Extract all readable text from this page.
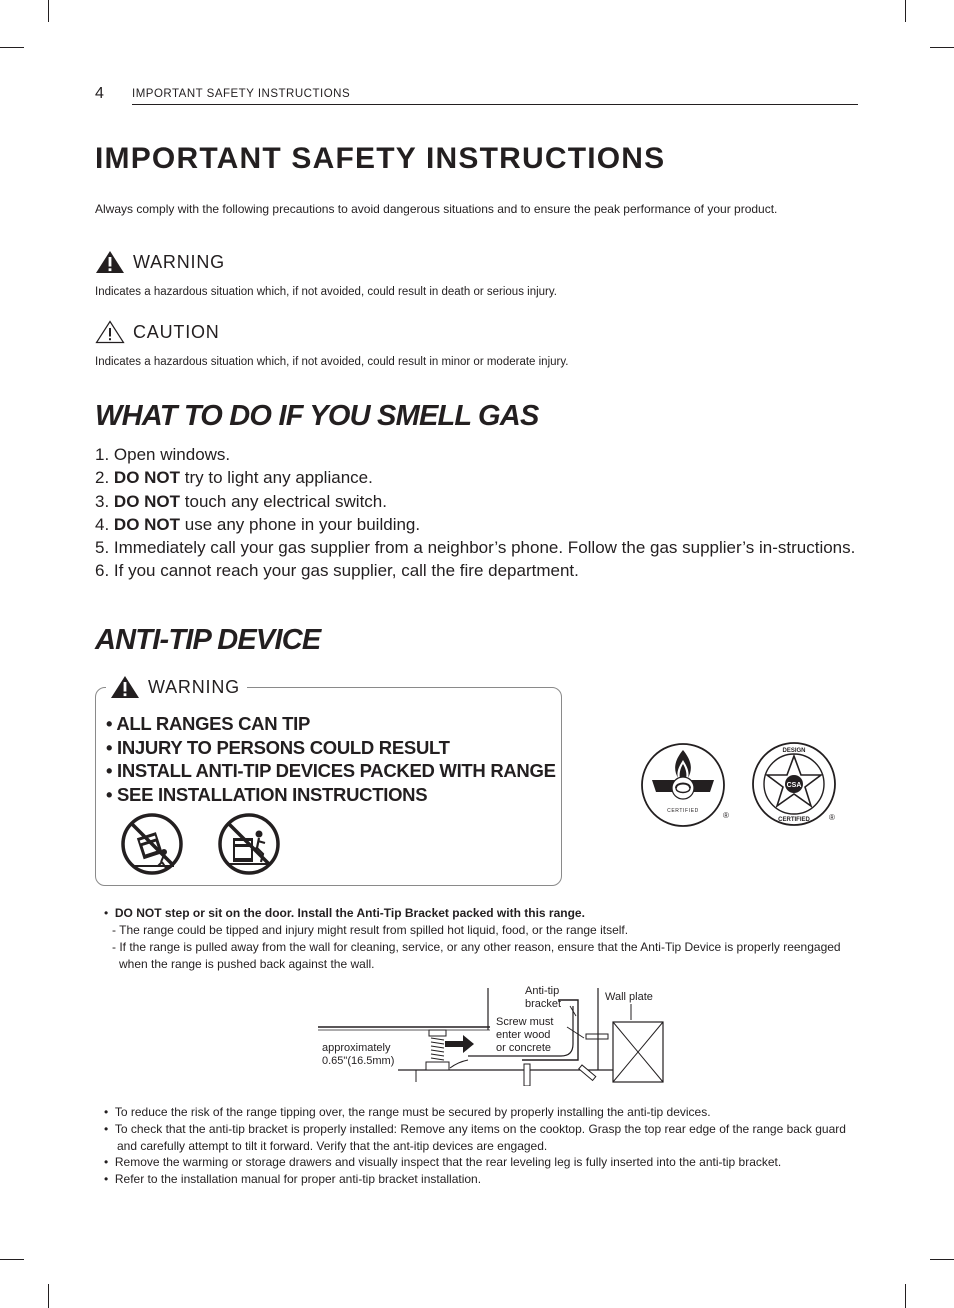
4 IMPORTANT SAFETY INSTRUCTIONS
IMPORTANT SAFETY INSTRUCTIONS
Always comply with the following precautions to avoid dangerous situations and to ensure the peak performance of your product.
WARNING
Indicates a hazardous situation which, if not avoided, could result in death or serious injury.
CAUTION
Indicates a hazardous situation which, if not avoided, could result in minor or moderate injury.
WHAT TO DO IF YOU SMELL GAS
1. Open windows.
2. DO NOT try to light any appliance.
3. DO NOT touch any electrical switch.
4. DO NOT use any phone in your building.
5. Immediately call your gas supplier from a neighbor’s phone. Follow the gas supplier’s in-structions.
6. If you cannot reach your gas supplier, call the fire department.
ANTI-TIP DEVICE
WARNING
• ALL RANGES CAN TIP
• INJURY TO PERSONS COULD RESULT
• INSTALL ANTI-TIP DEVICES PACKED WITH RANGE
• SEE INSTALLATION INSTRUCTIONS
CERTIFIED	®
CSA
DESIGN
CERTIFIED ®
•  DO NOT step or sit on the door. Install the Anti-Tip Bracket packed with this range.
- The range could be tipped and injury might result from spilled hot liquid, food, or the range itself.
- If the range is pulled away from the wall for cleaning, service, or any other reason, ensure that the Anti-Tip Device is properly reengaged when the range is pushed back against the wall.
Anti-tip
bracket
Wall plate
Screw must
enter wood
or concrete
approximately
0.65"(16.5mm)
•  To reduce the risk of the range tipping over, the range must be secured by properly installing the anti-tip devices.
•  To check that the anti-tip bracket is properly installed: Remove any items on the cooktop. Grasp the top rear edge of the range back guard and carefully attempt to tilt it forward. Verify that the ant-itip devices are engaged.
•  Remove the warming or storage drawers and visually inspect that the rear leveling leg is fully inserted into the anti-tip bracket.
•  Refer to the installation manual for proper anti-tip bracket installation.
